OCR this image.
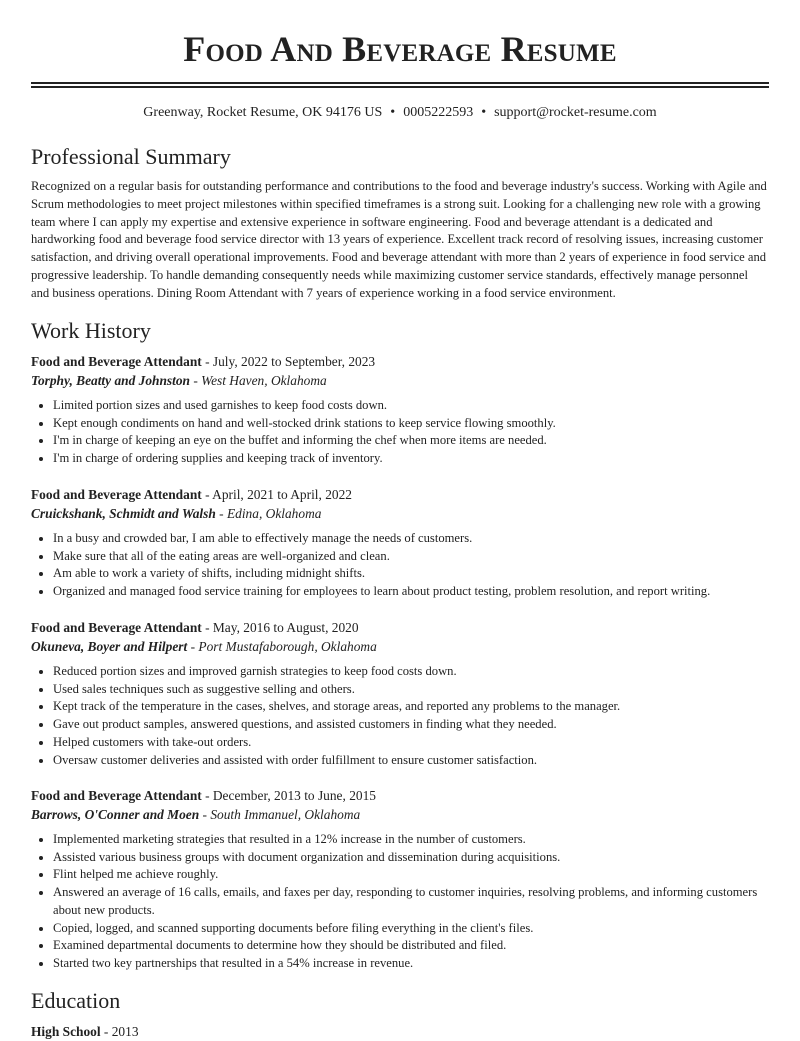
Food And Beverage Resume
Greenway, Rocket Resume, OK 94176 US • 0005222593 • support@rocket-resume.com
Professional Summary

Recognized on a regular basis for outstanding performance and contributions to the food and beverage industry's success. Working with Agile and Scrum methodologies to meet project milestones within specified timeframes is a strong suit. Looking for a challenging new role with a growing team where I can apply my expertise and extensive experience in software engineering. Food and beverage attendant is a dedicated and hardworking food and beverage food service director with 13 years of experience. Excellent track record of resolving issues, increasing customer satisfaction, and driving overall operational improvements. Food and beverage attendant with more than 2 years of experience in food service and progressive leadership. To handle demanding consequently needs while maximizing customer service standards, effectively manage personnel and business operations. Dining Room Attendant with 7 years of experience working in a food service environment.

Work History
Food and Beverage Attendant - July, 2022 to September, 2023
Torphy, Beatty and Johnston - West Haven, Oklahoma
• Limited portion sizes and used garnishes to keep food costs down.
• Kept enough condiments on hand and well-stocked drink stations to keep service flowing smoothly.
• I'm in charge of keeping an eye on the buffet and informing the chef when more items are needed.
• I'm in charge of ordering supplies and keeping track of inventory.
Food and Beverage Attendant - April, 2021 to April, 2022
Cruickshank, Schmidt and Walsh - Edina, Oklahoma
• In a busy and crowded bar, I am able to effectively manage the needs of customers.
• Make sure that all of the eating areas are well-organized and clean.
• Am able to work a variety of shifts, including midnight shifts.
• Organized and managed food service training for employees to learn about product testing, problem resolution, and report writing.
Food and Beverage Attendant - May, 2016 to August, 2020
Okuneva, Boyer and Hilpert - Port Mustafaborough, Oklahoma
• Reduced portion sizes and improved garnish strategies to keep food costs down.
• Used sales techniques such as suggestive selling and others.
• Kept track of the temperature in the cases, shelves, and storage areas, and reported any problems to the manager.
• Gave out product samples, answered questions, and assisted customers in finding what they needed.
• Helped customers with take-out orders.
• Oversaw customer deliveries and assisted with order fulfillment to ensure customer satisfaction.
Food and Beverage Attendant - December, 2013 to June, 2015
Barrows, O'Conner and Moen - South Immanuel, Oklahoma
• Implemented marketing strategies that resulted in a 12% increase in the number of customers.
• Assisted various business groups with document organization and dissemination during acquisitions.
• Flint helped me achieve roughly.
• Answered an average of 16 calls, emails, and faxes per day, responding to customer inquiries, resolving problems, and informing customers about new products.
• Copied, logged, and scanned supporting documents before filing everything in the client's files.
• Examined departmental documents to determine how they should be distributed and filed.
• Started two key partnerships that resulted in a 54% increase in revenue.
Education
High School - 2013
